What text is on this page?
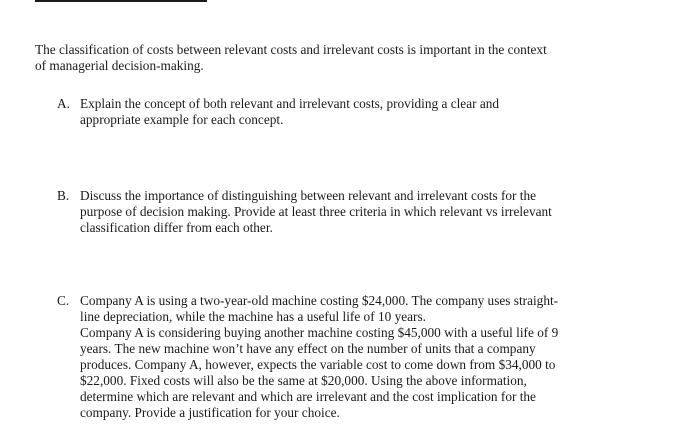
The classification of costs between relevant costs and irrelevant costs is important in the context
of managerial decision-making.
A. Explain the concept of both relevant and irrelevant costs, providing a clear and
appropriate example for each concept.
B. Discuss the importance of distinguishing between relevant and irrelevant costs for the
purpose of decision making. Provide at least three criteria in which relevant vs irrelevant
classification differ from each other.
C. Company A is using a two-year-old machine costing $24,000. The company uses straight-
line depreciation, while the machine has a useful life of 10 years.
Company A is considering buying another machine costing $45,000 with a useful life of 9
years. The new machine won’t have any effect on the number of units that a company
produces. Company A, however, expects the variable cost to come down from $34,000 to
$22,000. Fixed costs will also be the same at $20,000. Using the above information,
determine which are relevant and which are irrelevant and the cost implication for the
company. Provide a justification for your choice.
